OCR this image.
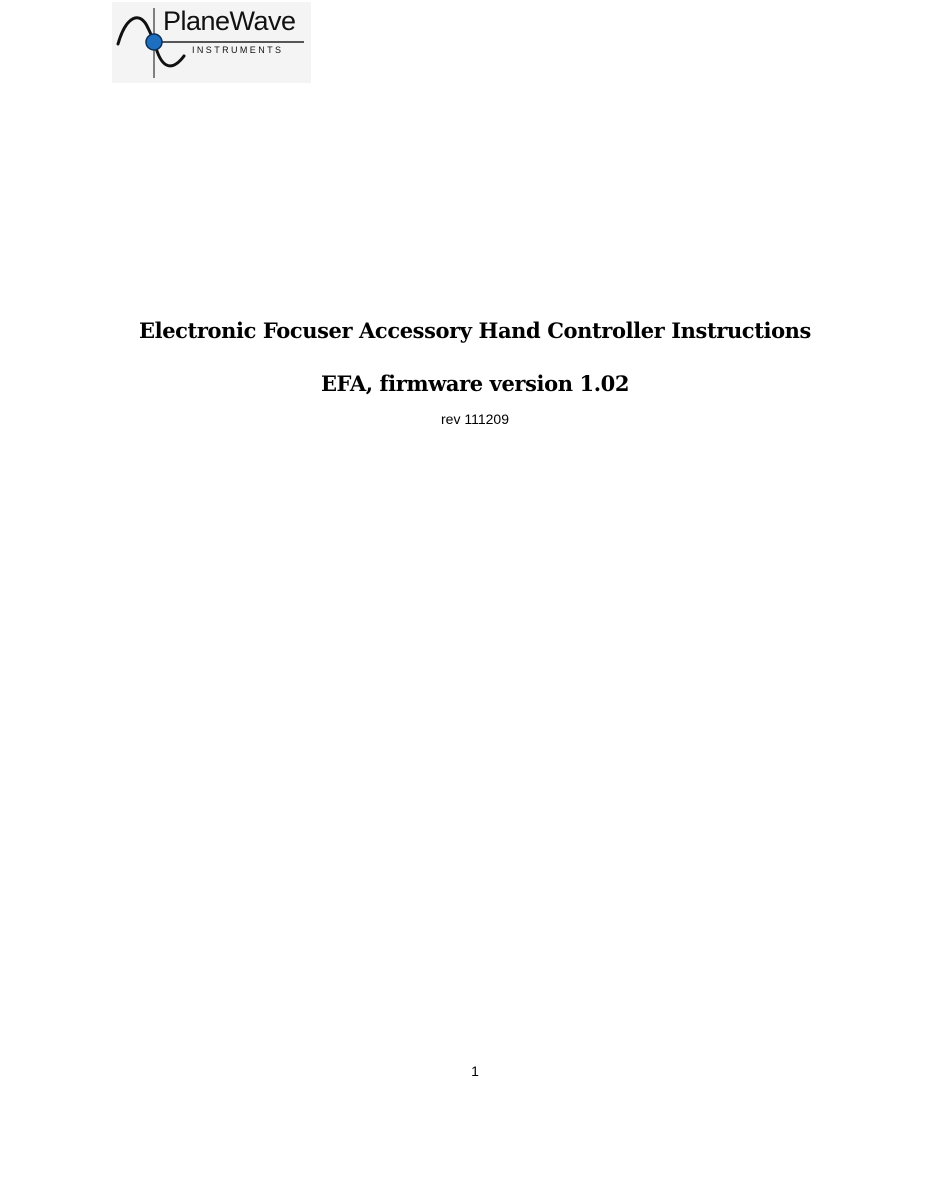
PlaneWave
INSTRUMENTS
Electronic Focuser Accessory Hand Controller Instructions
EFA, firmware version 1.02
rev 111209
1
